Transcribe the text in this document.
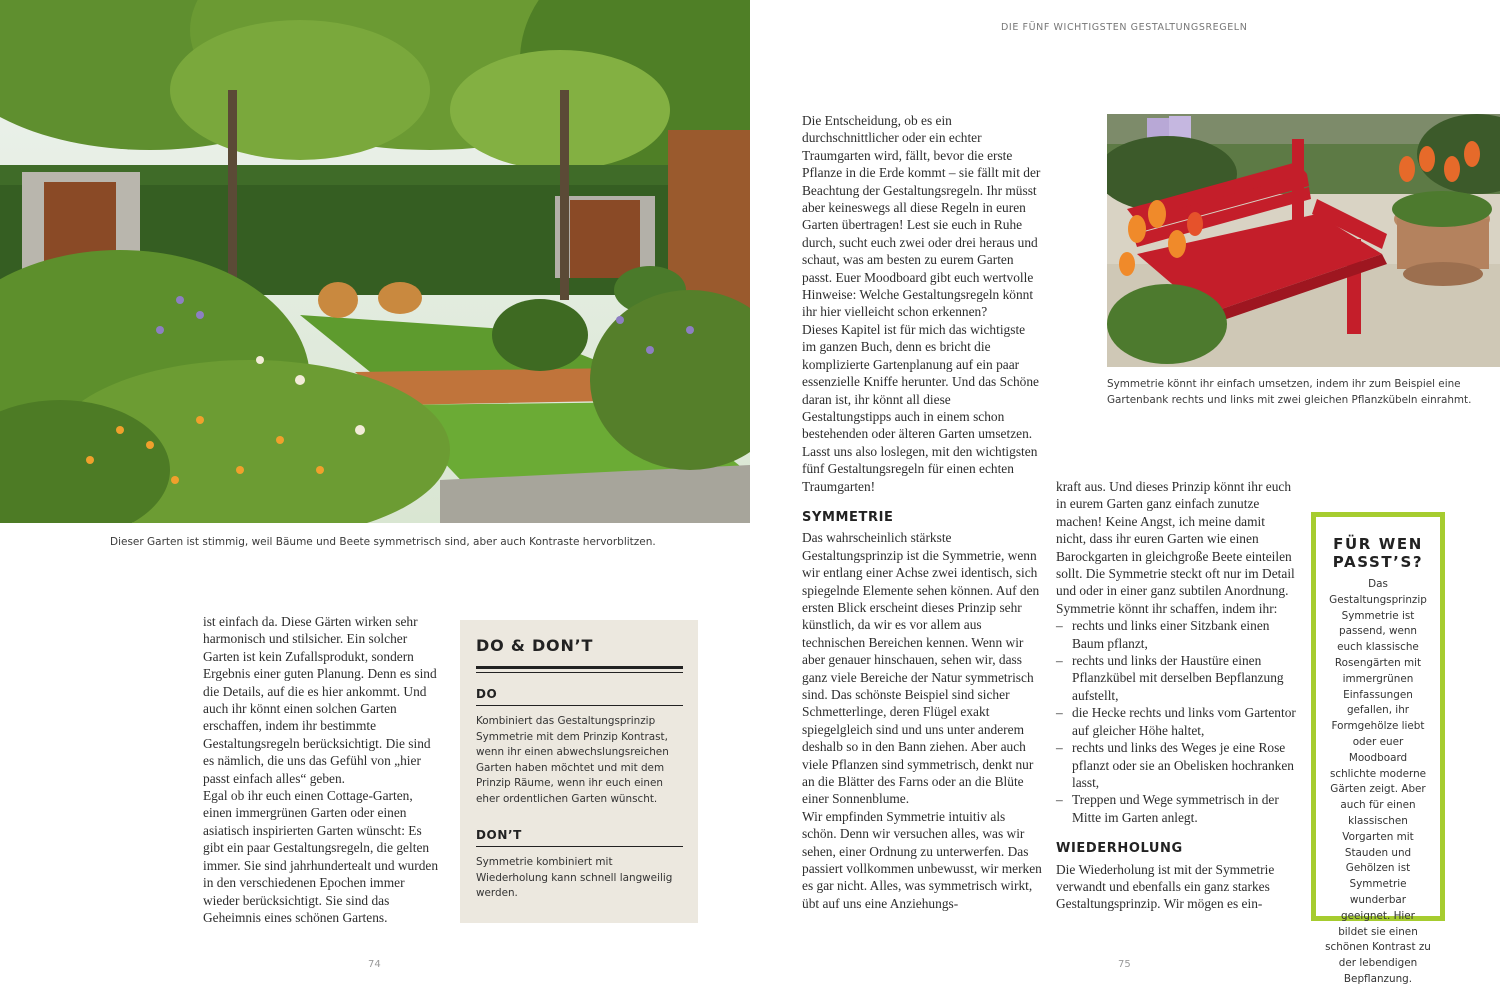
Dieser Garten ist stimmig, weil Bäume und Beete symmetrisch sind, aber auch Kontraste hervorblitzen.

ist einfach da. Diese Gärten wirken sehr harmonisch und stilsicher. Ein solcher Garten ist kein Zufallsprodukt, sondern Ergebnis einer guten Planung. Denn es sind die Details, auf die es hier ankommt. Und auch ihr könnt einen solchen Garten erschaffen, indem ihr bestimmte Gestaltungsregeln berücksichtigt. Die sind es nämlich, die uns das Gefühl von „hier passt einfach alles“ geben.

Egal ob ihr euch einen Cottage-Garten, einen immergrünen Garten oder einen asiatisch inspirierten Garten wünscht: Es gibt ein paar Gestaltungsregeln, die gelten immer. Sie sind jahrhundertealt und wurden in den verschiedenen Epochen immer wieder berücksichtigt. Sie sind das Geheimnis eines schönen Gartens.

DO & DON’T
DO
Kombiniert das Gestaltungsprinzip Symmetrie mit dem Prinzip Kontrast, wenn ihr einen abwechslungsreichen Garten haben möchtet und mit dem Prinzip Räume, wenn ihr euch einen eher ordentlichen Garten wünscht.
DON’T
Symmetrie kombiniert mit Wiederholung kann schnell langweilig werden.
74
DIE FÜNF WICHTIGSTEN GESTALTUNGSREGELN

Die Entscheidung, ob es ein durchschnittlicher oder ein echter Traumgarten wird, fällt, bevor die erste Pflanze in die Erde kommt – sie fällt mit der Beachtung der Gestaltungsregeln. Ihr müsst aber keineswegs all diese Regeln in euren Garten übertragen! Lest sie euch in Ruhe durch, sucht euch zwei oder drei heraus und schaut, was am besten zu eurem Garten passt. Euer Moodboard gibt euch wertvolle Hinweise: Welche Gestaltungsregeln könnt ihr hier vielleicht schon erkennen?

Dieses Kapitel ist für mich das wichtigste im ganzen Buch, denn es bricht die komplizierte Gartenplanung auf ein paar essenzielle Kniffe herunter. Und das Schöne daran ist, ihr könnt all diese Gestaltungstipps auch in einem schon bestehenden oder älteren Garten umsetzen. Lasst uns also loslegen, mit den wichtigsten fünf Gestaltungsregeln für einen echten Traumgarten!

SYMMETRIE

Das wahrscheinlich stärkste Gestaltungsprinzip ist die Symmetrie, wenn wir entlang einer Achse zwei identisch, sich spiegelnde Elemente sehen können. Auf den ersten Blick erscheint dieses Prinzip sehr künstlich, da wir es vor allem aus technischen Bereichen kennen. Wenn wir aber genauer hinschauen, sehen wir, dass ganz viele Bereiche der Natur symmetrisch sind. Das schönste Beispiel sind sicher Schmetterlinge, deren Flügel exakt spiegelgleich sind und uns unter anderem deshalb so in den Bann ziehen. Aber auch viele Pflanzen sind symmetrisch, denkt nur an die Blätter des Farns oder an die Blüte einer Sonnenblume.

Wir empfinden Symmetrie intuitiv als schön. Denn wir versuchen alles, was wir sehen, einer Ordnung zu unterwerfen. Das passiert vollkommen unbewusst, wir merken es gar nicht. Alles, was symmetrisch wirkt, übt auf uns eine Anziehungs-

Symmetrie könnt ihr einfach umsetzen, indem ihr zum Beispiel eine Gartenbank rechts und links mit zwei gleichen Pflanzkübeln einrahmt.

kraft aus. Und dieses Prinzip könnt ihr euch in eurem Garten ganz einfach zunutze machen! Keine Angst, ich meine damit nicht, dass ihr euren Garten wie einen Barockgarten in gleichgroße Beete einteilen sollt. Die Symmetrie steckt oft nur im Detail und oder in einer ganz subtilen Anordnung.

Symmetrie könnt ihr schaffen, indem ihr:

– rechts und links einer Sitzbank einen Baum pflanzt,
– rechts und links der Haustüre einen Pflanzkübel mit derselben Bepflanzung aufstellt,
– die Hecke rechts und links vom Gartentor auf gleicher Höhe haltet,
– rechts und links des Weges je eine Rose pflanzt oder sie an Obelisken hochranken lasst,
– Treppen und Wege symmetrisch in der Mitte im Garten anlegt.
WIEDERHOLUNG

Die Wiederholung ist mit der Symmetrie verwandt und ebenfalls ein ganz starkes Gestaltungsprinzip. Wir mögen es ein-

FÜR WEN PASST’S?
Das Gestaltungsprinzip Symmetrie ist passend, wenn euch klassische Rosengärten mit immergrünen Einfassungen gefallen, ihr Formgehölze liebt oder euer Moodboard schlichte moderne Gärten zeigt. Aber auch für einen klassischen Vorgarten mit Stauden und Gehölzen ist Symmetrie wunderbar geeignet. Hier bildet sie einen schönen Kontrast zu der lebendigen Bepflanzung.
75
